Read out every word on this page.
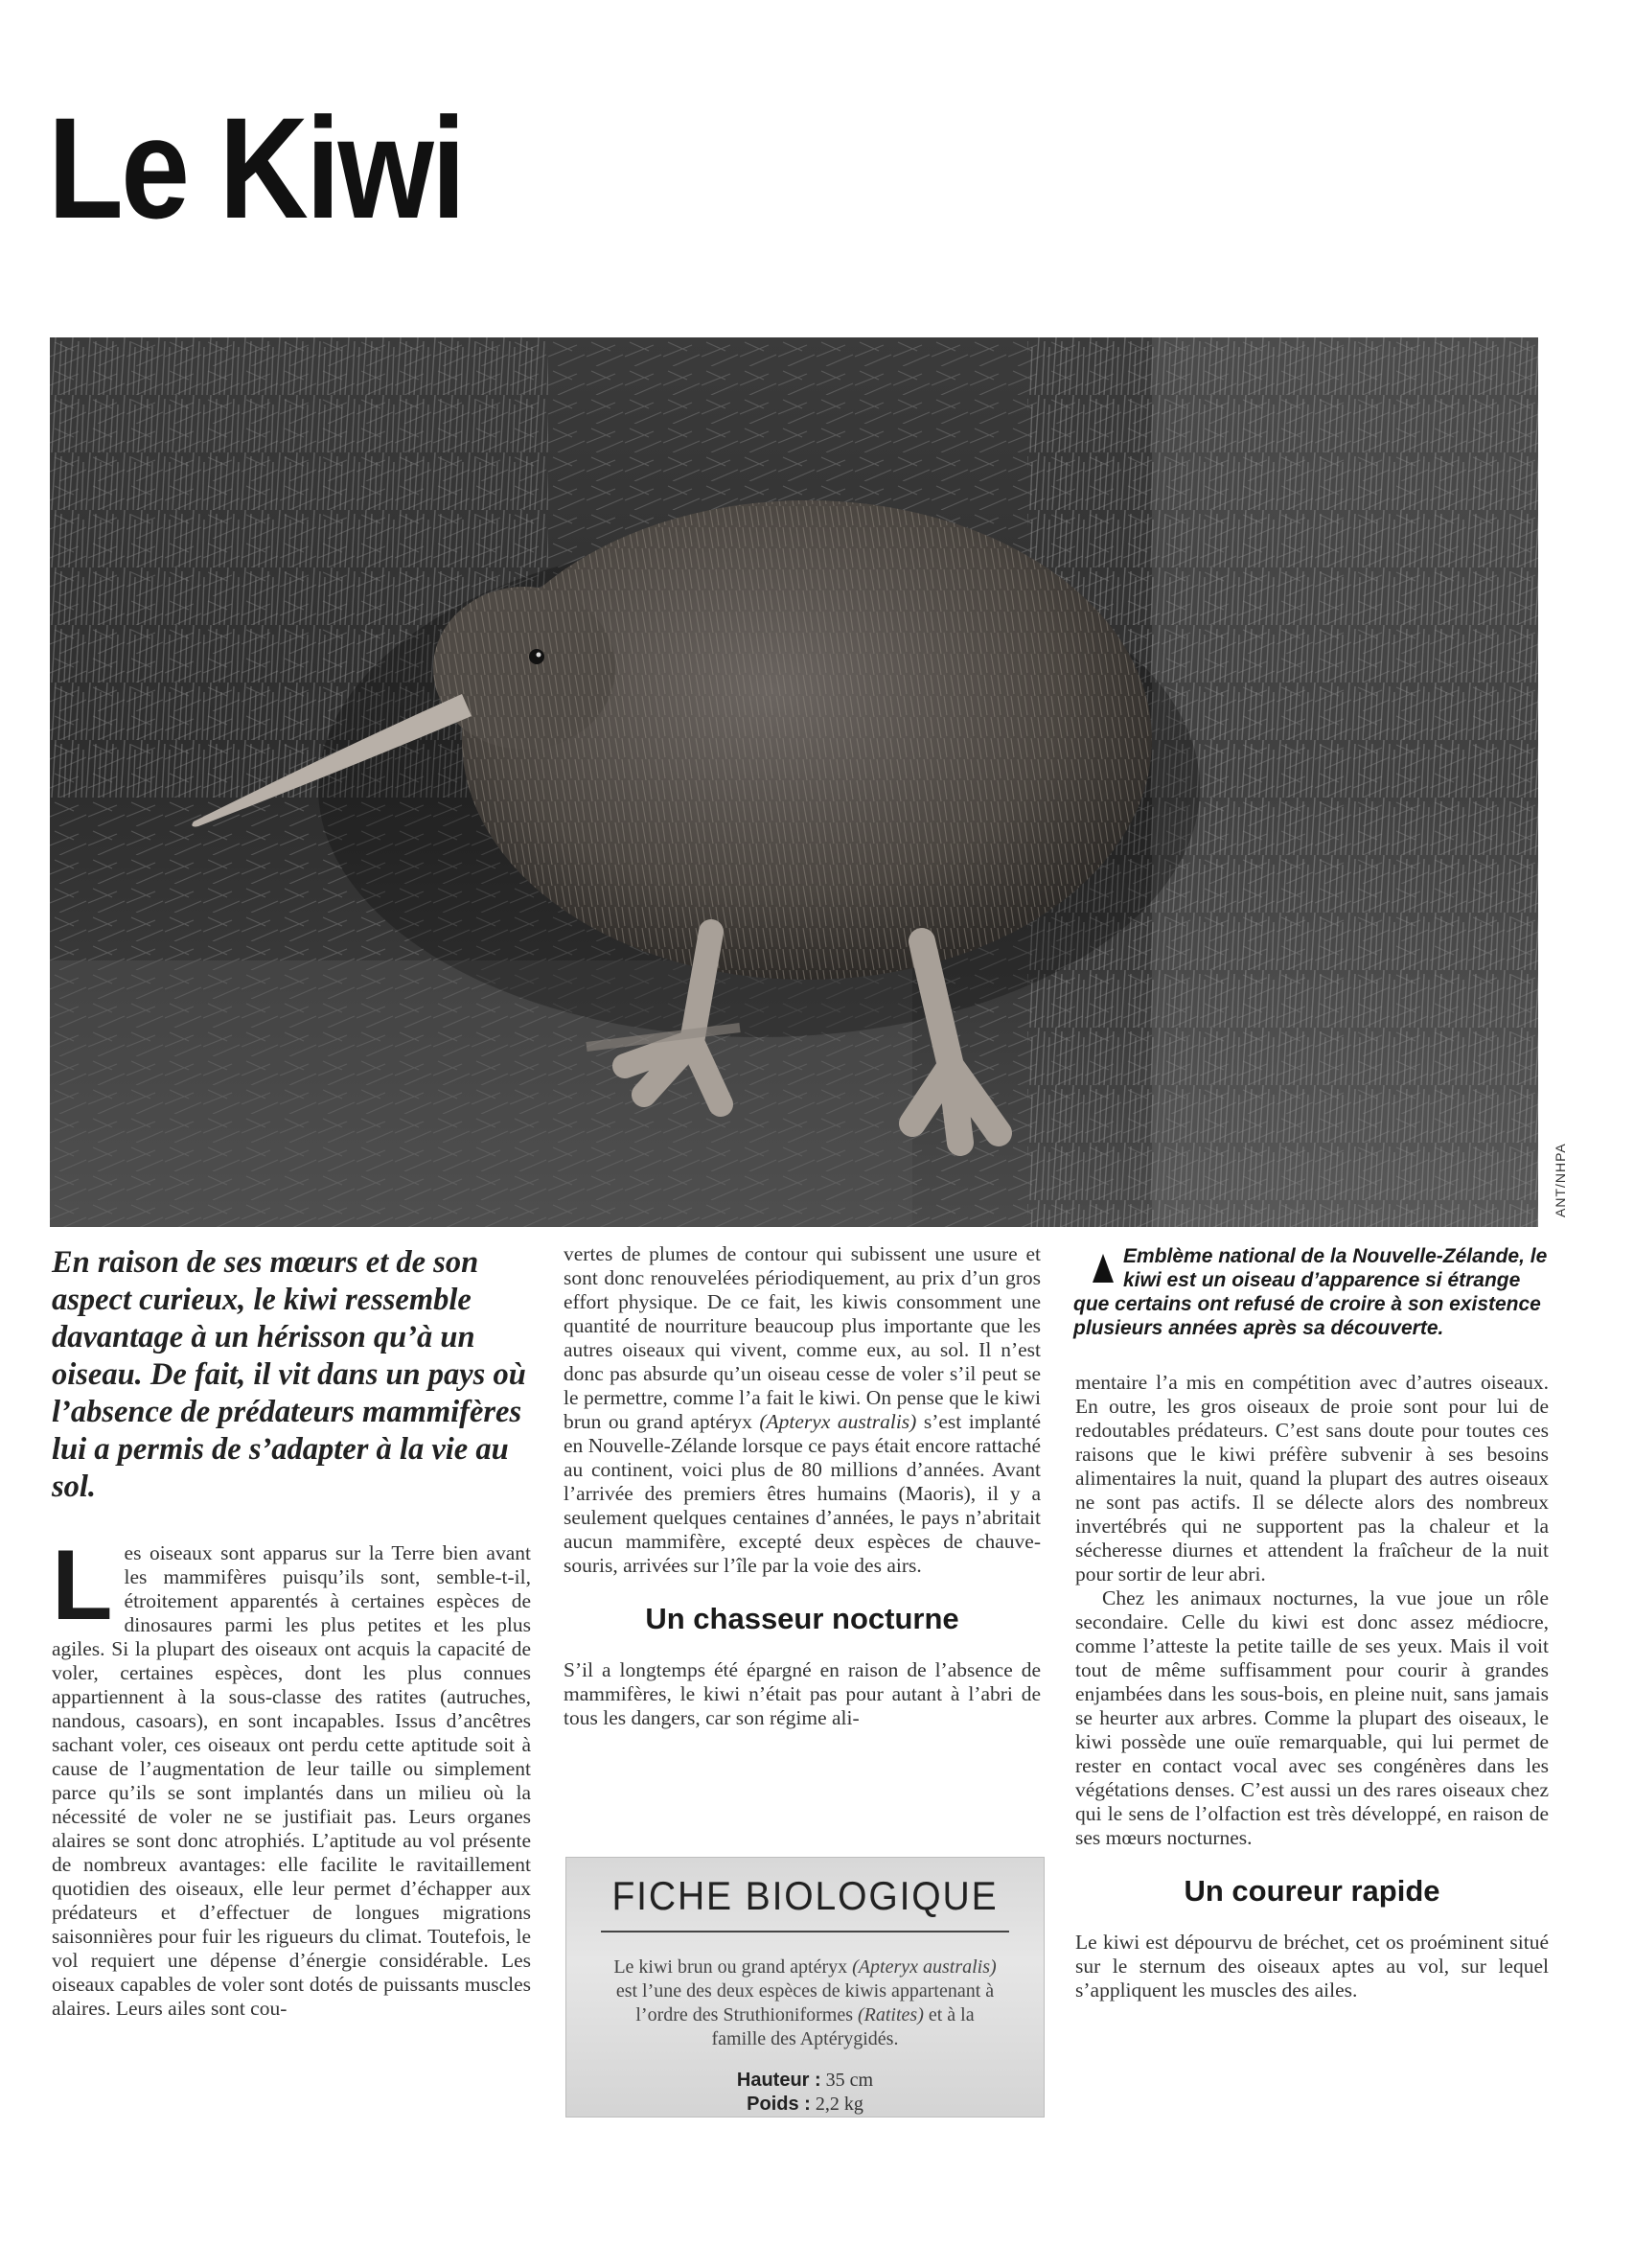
Le Kiwi
ANT/NHPA
En raison de ses mœurs et de son aspect curieux, le kiwi ressemble davantage à un hérisson qu’à un oiseau. De fait, il vit dans un pays où l’absence de prédateurs mammifères lui a permis de s’adapter à la vie au sol.

Les oiseaux sont apparus sur la Terre bien avant les mammifères puisqu’ils sont, semble-t-il, étroitement apparentés à certaines espèces de dinosaures parmi les plus petites et les plus agiles. Si la plupart des oiseaux ont acquis la capacité de voler, certaines espèces, dont les plus connues appartiennent à la sous-classe des ratites (autruches, nandous, casoars), en sont incapables. Issus d’ancêtres sachant voler, ces oiseaux ont perdu cette aptitude soit à cause de l’augmentation de leur taille ou simplement parce qu’ils se sont implantés dans un milieu où la nécessité de voler ne se justifiait pas. Leurs organes alaires se sont donc atrophiés. L’aptitude au vol présente de nombreux avantages: elle facilite le ravitaillement quotidien des oiseaux, elle leur permet d’échapper aux prédateurs et d’effectuer de longues migrations saisonnières pour fuir les rigueurs du climat. Toutefois, le vol requiert une dépense d’énergie considérable. Les oiseaux capables de voler sont dotés de puissants muscles alaires. Leurs ailes sont cou-

vertes de plumes de contour qui subissent une usure et sont donc renouvelées périodiquement, au prix d’un gros effort physique. De ce fait, les kiwis consomment une quantité de nourriture beaucoup plus importante que les autres oiseaux qui vivent, comme eux, au sol. Il n’est donc pas absurde qu’un oiseau cesse de voler s’il peut se le permettre, comme l’a fait le kiwi. On pense que le kiwi brun ou grand aptéryx (Apteryx australis) s’est implanté en Nouvelle-Zélande lorsque ce pays était encore rattaché au continent, voici plus de 80 millions d’années. Avant l’arrivée des premiers êtres humains (Maoris), il y a seulement quelques centaines d’années, le pays n’abritait aucun mammifère, excepté deux espèces de chauve-souris, arrivées sur l’île par la voie des airs.

Un chasseur nocturne

S’il a longtemps été épargné en raison de l’absence de mammifères, le kiwi n’était pas pour autant à l’abri de tous les dangers, car son régime ali-

FICHE BIOLOGIQUE
Le kiwi brun ou grand aptéryx (Apteryx australis) est l’une des deux espèces de kiwis appartenant à l’ordre des Struthioniformes (Ratites) et à la famille des Aptérygidés.
Hauteur : 35 cm
Poids : 2,2 kg
Emblème national de la Nouvelle-Zélande, le kiwi est un oiseau d’apparence si étrange que certains ont refusé de croire à son existence plusieurs années après sa découverte.

mentaire l’a mis en compétition avec d’autres oiseaux. En outre, les gros oiseaux de proie sont pour lui de redoutables prédateurs. C’est sans doute pour toutes ces raisons que le kiwi préfère subvenir à ses besoins alimentaires la nuit, quand la plupart des autres oiseaux ne sont pas actifs. Il se délecte alors des nombreux invertébrés qui ne supportent pas la chaleur et la sécheresse diurnes et attendent la fraîcheur de la nuit pour sortir de leur abri.

Chez les animaux nocturnes, la vue joue un rôle secondaire. Celle du kiwi est donc assez médiocre, comme l’atteste la petite taille de ses yeux. Mais il voit tout de même suffisamment pour courir à grandes enjambées dans les sous-bois, en pleine nuit, sans jamais se heurter aux arbres. Comme la plupart des oiseaux, le kiwi possède une ouïe remarquable, qui lui permet de rester en contact vocal avec ses congénères dans les végétations denses. C’est aussi un des rares oiseaux chez qui le sens de l’olfaction est très développé, en raison de ses mœurs nocturnes.

Un coureur rapide

Le kiwi est dépourvu de bréchet, cet os proéminent situé sur le sternum des oiseaux aptes au vol, sur lequel s’appliquent les muscles des ailes.
